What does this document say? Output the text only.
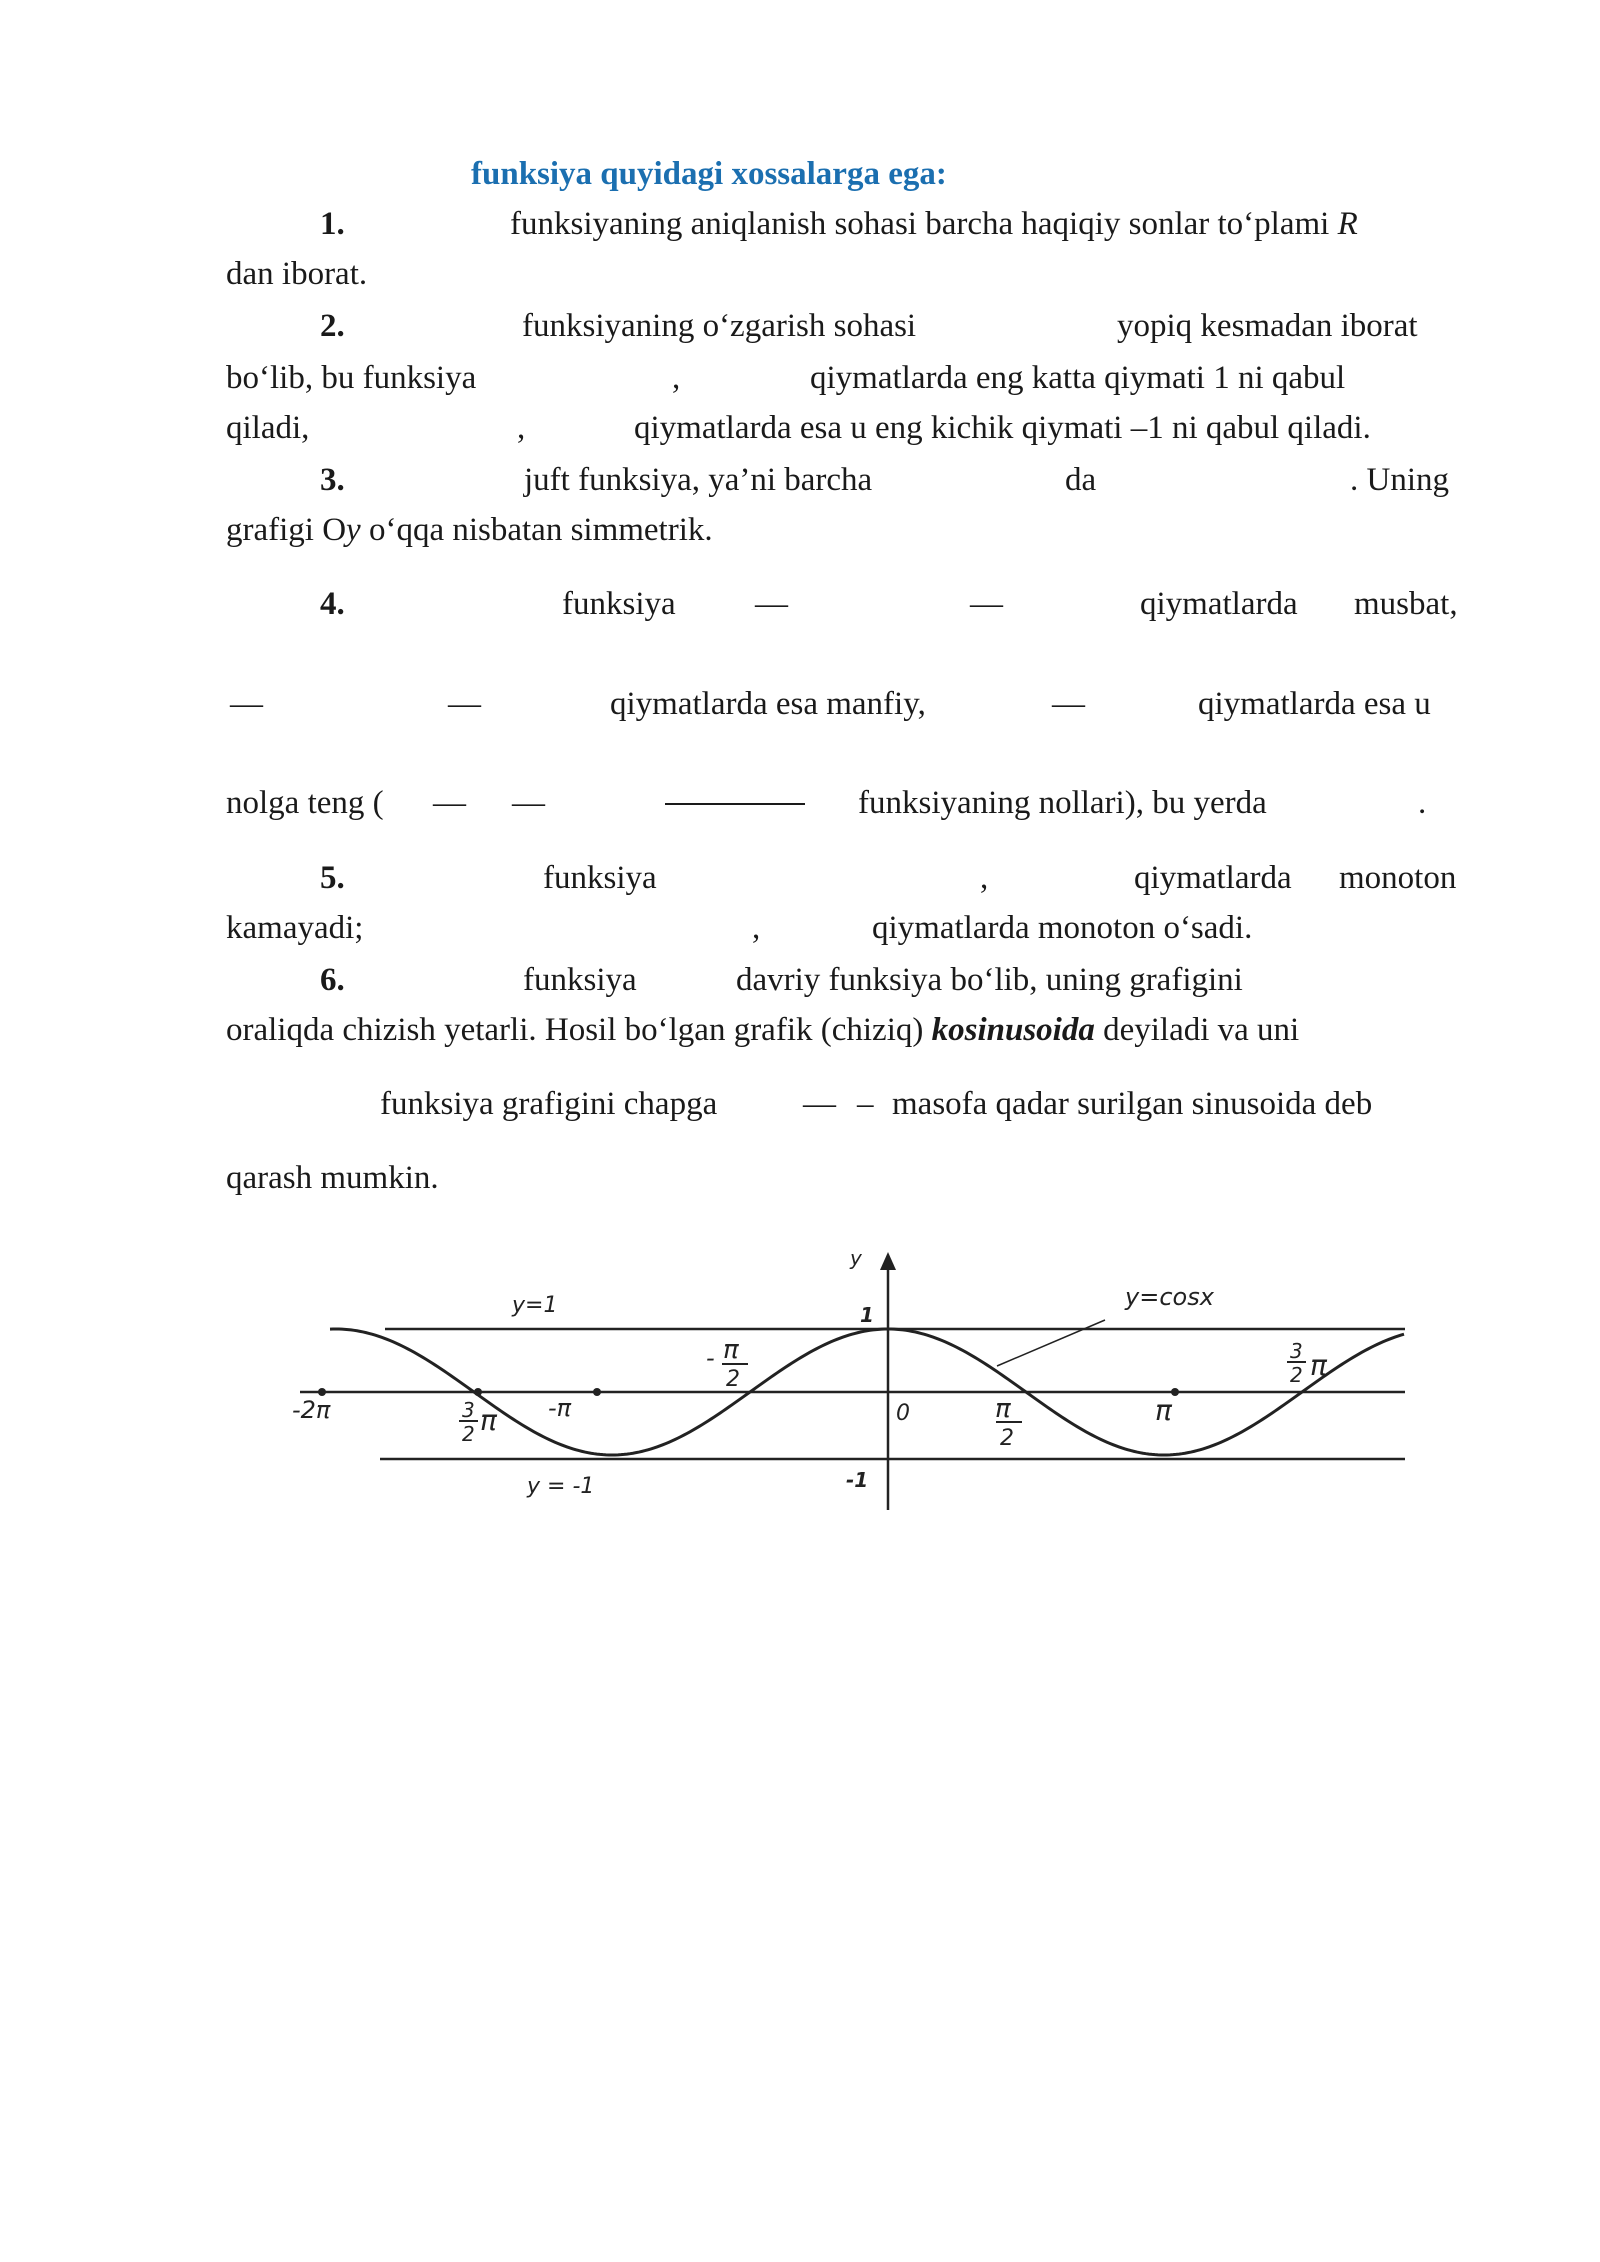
funksiya quyidagi xossalarga ega:
1.	funksiyaning aniqlanish sohasi barcha haqiqiy sonlar to‘plami R
dan iborat.
2.	funksiyaning o‘zgarish sohasi	yopiq kesmadan iborat
bo‘lib, bu funksiya	,	qiymatlarda eng katta qiymati 1 ni qabul
qiladi,	,	qiymatlarda esa u eng kichik qiymati –1 ni qabul qiladi.
3.	juft funksiya, ya’ni barcha	da	. Uning
grafigi Oy o‘qqa nisbatan simmetrik.
4.	funksiya —	—	qiymatlarda musbat,
—	—	qiymatlarda esa manfiy,	—	qiymatlarda esa u
nolga teng ( — —	funksiyaning nollari), bu yerda	.
5.	funksiya	,	qiymatlarda monoton
kamayadi;	,	qiymatlarda monoton o‘sadi.
6.	funksiya	davriy funksiya bo‘lib, uning grafigini
oraliqda chizish yetarli. Hosil bo‘lgan grafik (chiziq) kosinusoida deyiladi va uni
funksiya grafigini chapga	— – masofa qadar surilgan sinusoida deb
qarash mumkin.
y
1
-1
0
y=1
y = -1
y=cosx
-2π	-π	π
- π
2
π
2
3
2 π
3
2 π
